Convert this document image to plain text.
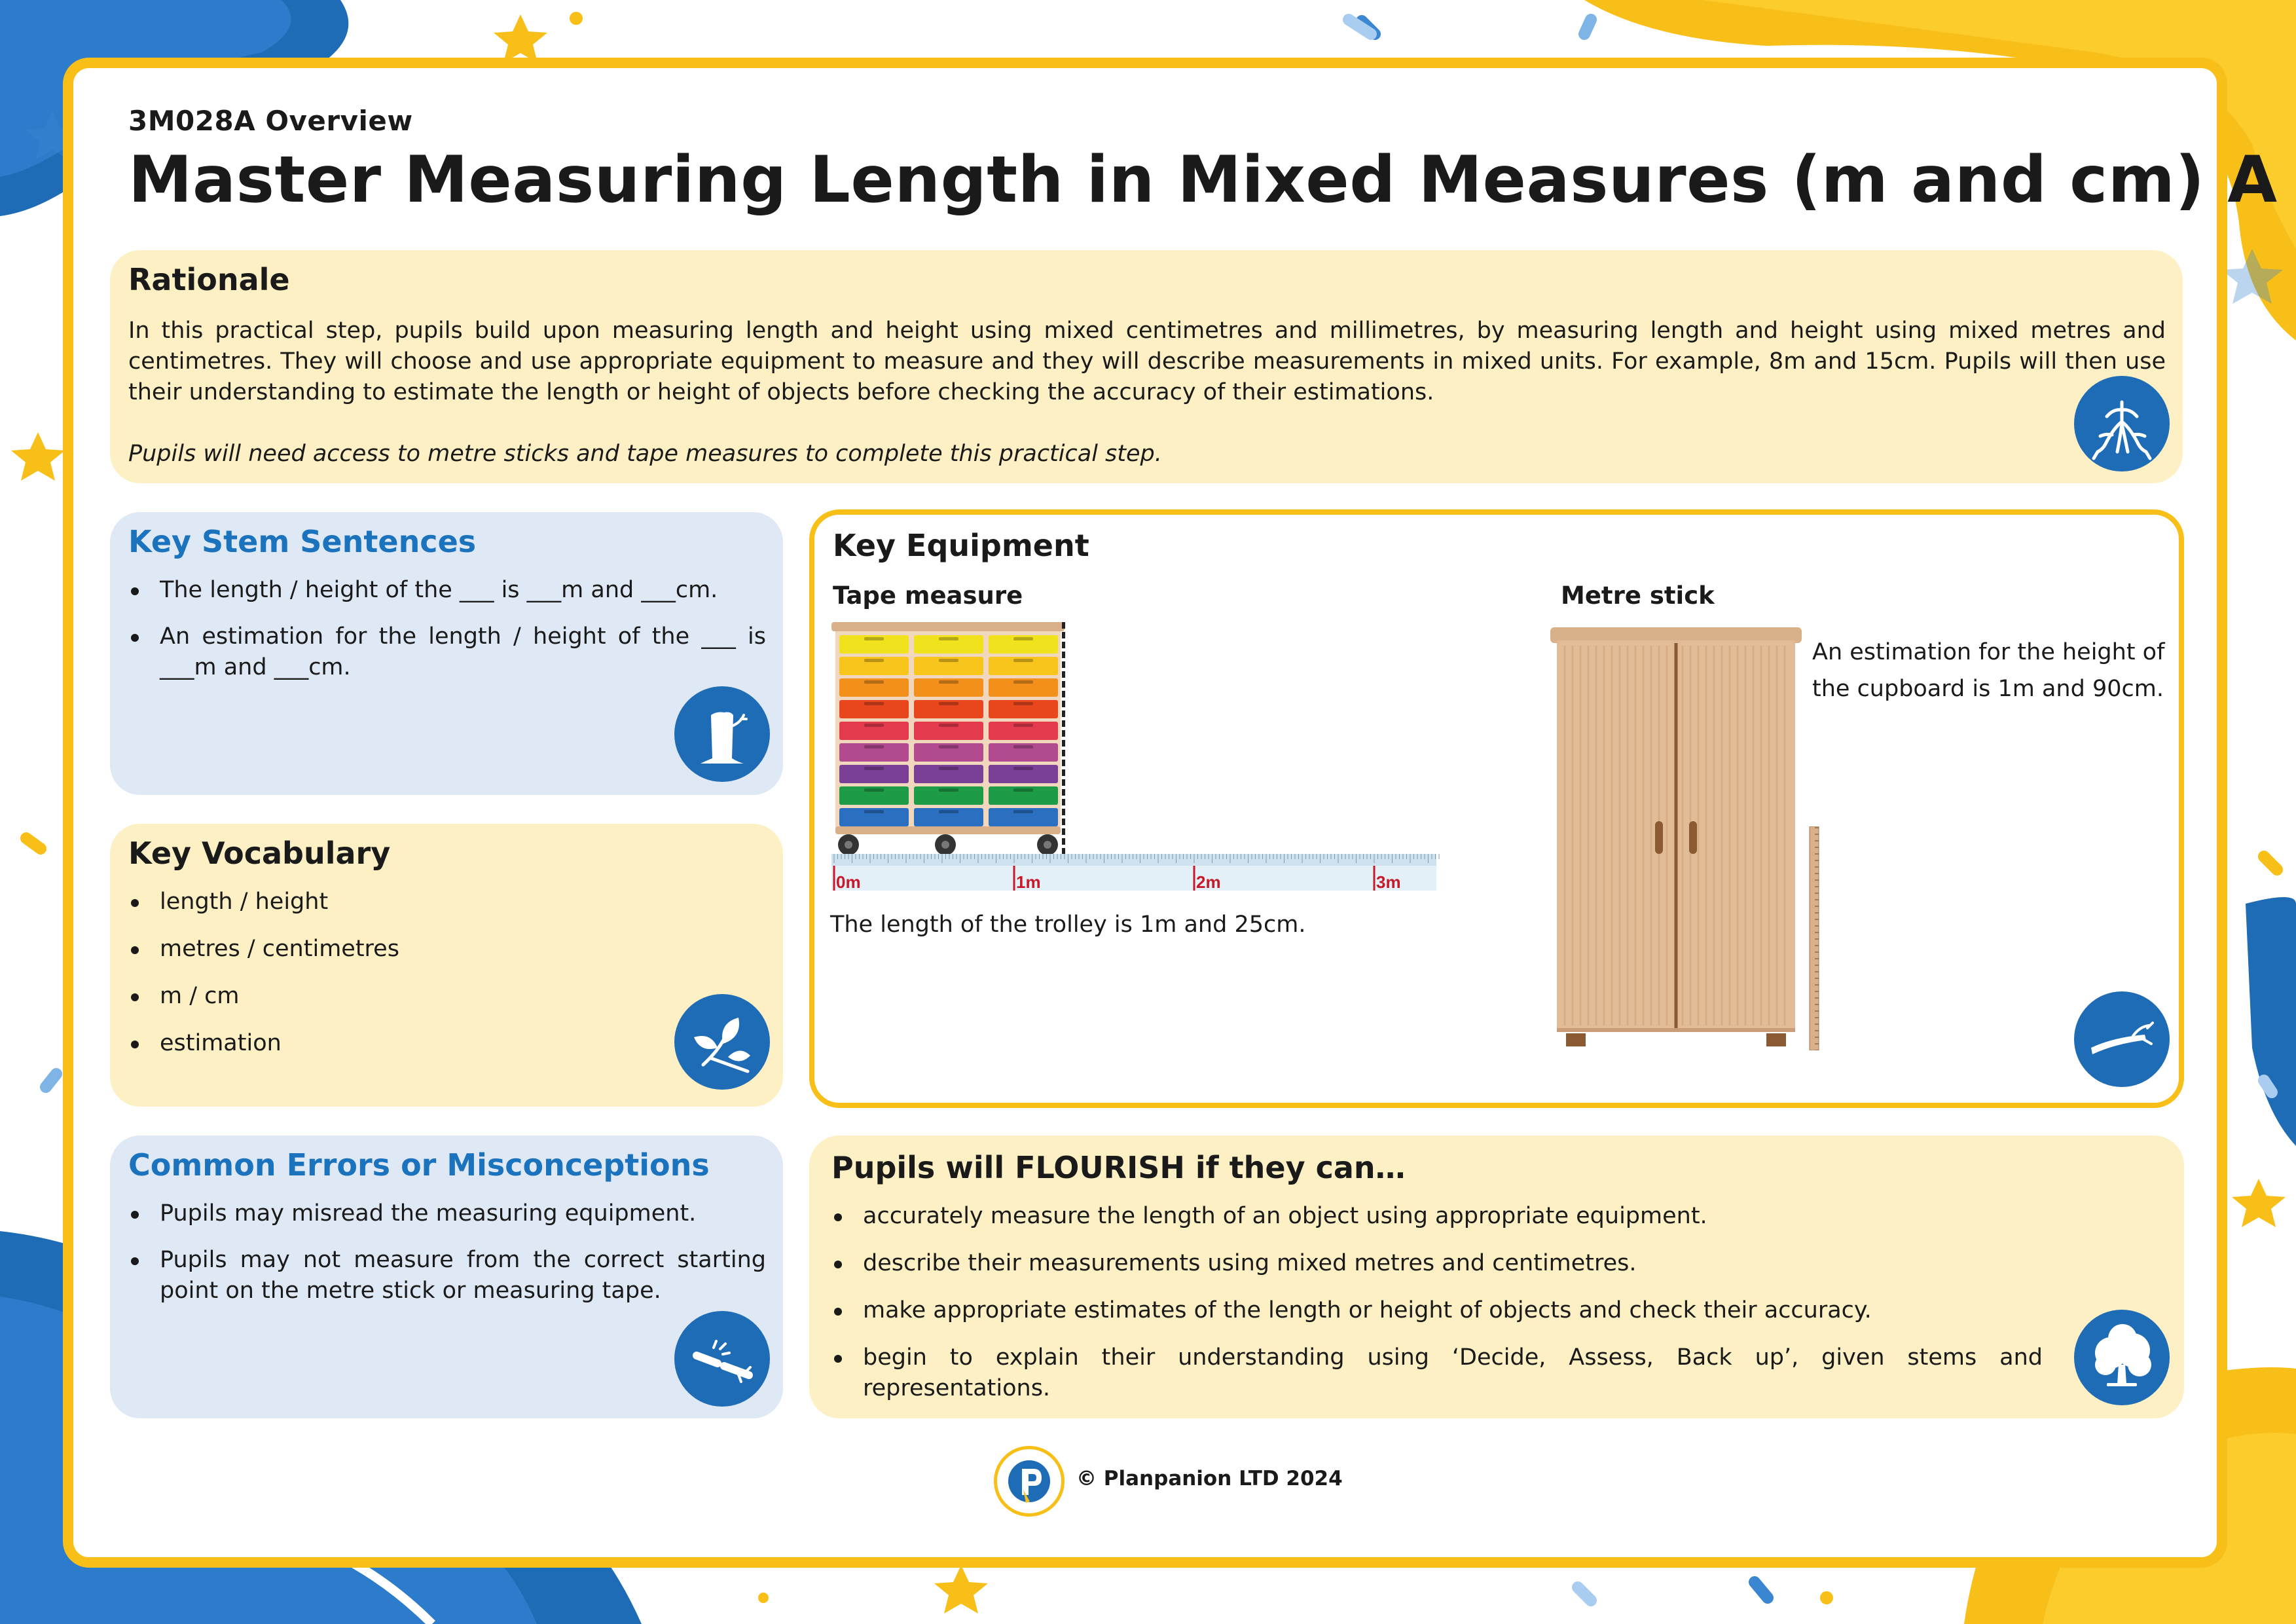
3M028A Overview
Master Measuring Length in Mixed Measures (m and cm) A
Rationale
In this practical step, pupils build upon measuring length and height using mixed centimetres and millimetres, by measuring length and height using mixed metres and centimetres. They will choose and use appropriate equipment to measure and they will describe measurements in mixed units. For example, 8m and 15cm. Pupils will then use their understanding to estimate the length or height of objects before checking the accuracy of their estimations.
Pupils will need access to metre sticks and tape measures to complete this practical step.
Key Stem Sentences
The length / height of the ___ is ___m and ___cm.
An estimation for the length / height of the ___ is ___m and ___cm.
Key Vocabulary
length / height
metres / centimetres
m / cm
estimation
Common Errors or Misconceptions
Pupils may misread the measuring equipment.
Pupils may not measure from the correct starting point on the metre stick or measuring tape.
Key Equipment
Tape measure
0m	1m	2m	3m
The length of the trolley is 1m and 25cm.
Metre stick
An estimation for the height of the cupboard is 1m and 90cm.
Pupils will FLOURISH if they can…
accurately measure the length of an object using appropriate equipment.
describe their measurements using mixed metres and centimetres.
make appropriate estimates of the length or height of objects and check their accuracy.
begin to explain their understanding using ‘Decide, Assess, Back up’, given stems and representations.
© Planpanion LTD 2024
